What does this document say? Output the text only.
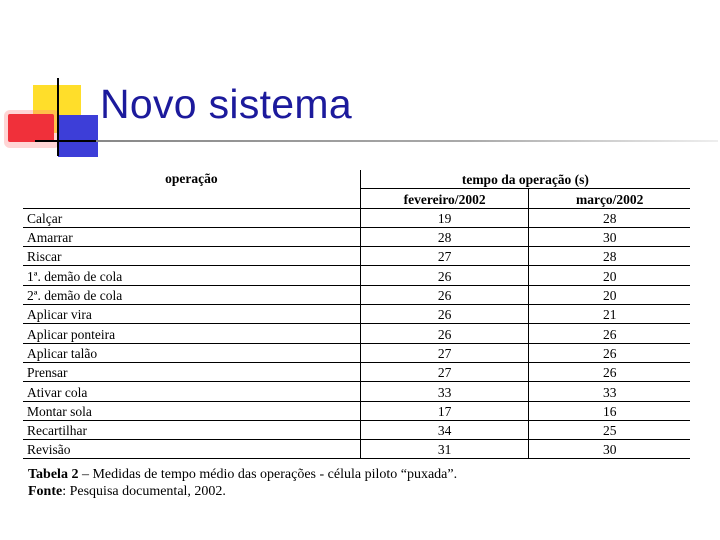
Novo sistema
operação	tempo da operação (s)	
	fevereiro/2002	março/2002
Calçar	19	28
Amarrar	28	30
Riscar	27	28
1ª. demão de cola	26	20
2ª. demão de cola	26	20
Aplicar vira	26	21
Aplicar ponteira	26	26
Aplicar talão	27	26
Prensar	27	26
Ativar cola	33	33
Montar sola	17	16
Recartilhar	34	25
Revisão	31	30
Tabela 2 – Medidas de tempo médio das operações - célula piloto “puxada”.
Fonte: Pesquisa documental, 2002.
